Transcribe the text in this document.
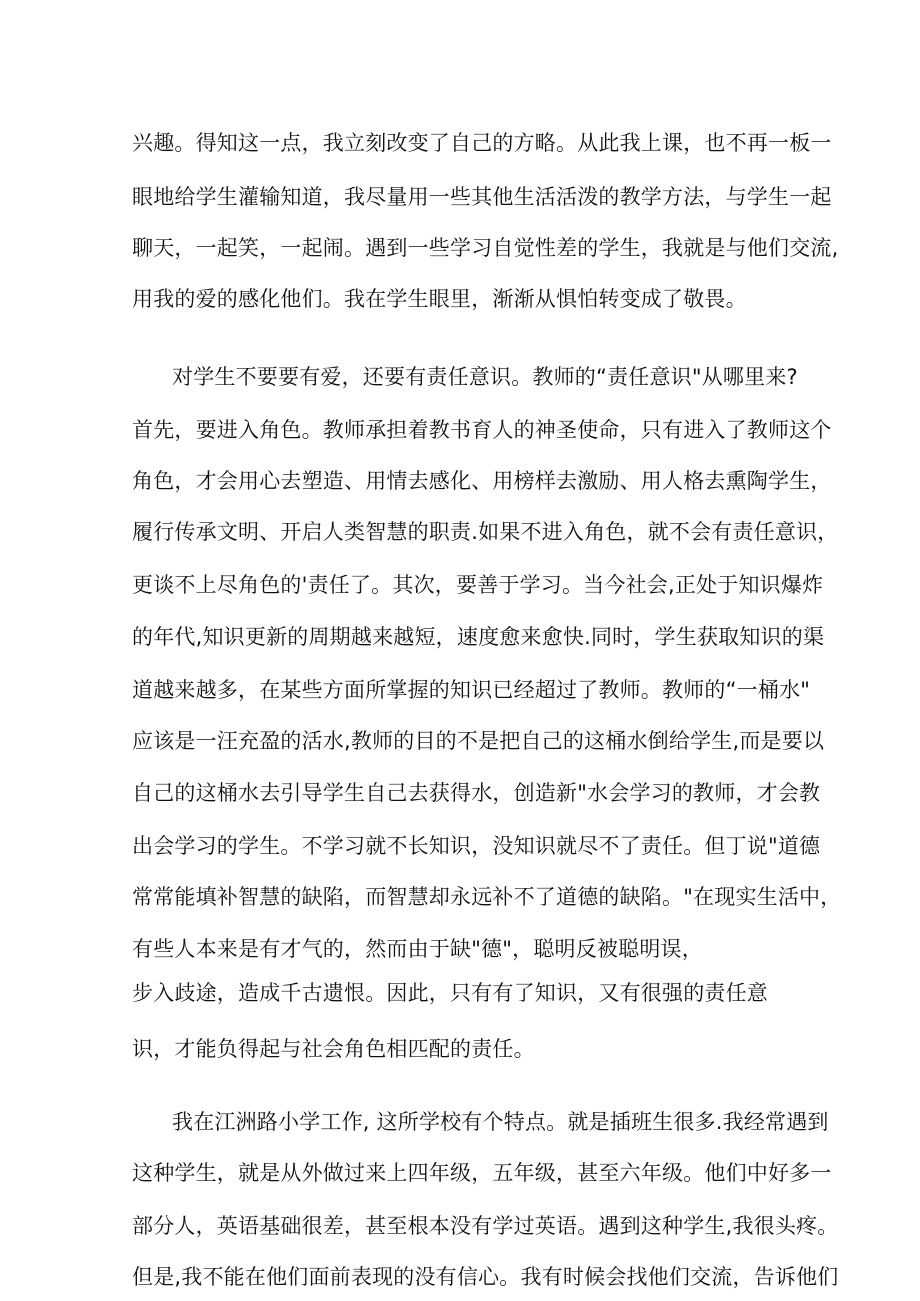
兴趣。得知这一点，我立刻改变了自己的方略。从此我上课，也不再一板一
眼地给学生灌输知道，我尽量用一些其他生活活泼的教学方法，与学生一起
聊天，一起笑，一起闹。遇到一些学习自觉性差的学生，我就是与他们交流,
用我的爱的感化他们。我在学生眼里，渐渐从惧怕转变成了敬畏。
对学生不要要有爱，还要有责任意识。教师的“责任意识"从哪里来?
首先，要进入角色。教师承担着教书育人的神圣使命，只有进入了教师这个
角色，才会用心去塑造、用情去感化、用榜样去激励、用人格去熏陶学生，
履行传承文明、开启人类智慧的职责.如果不进入角色，就不会有责任意识，
更谈不上尽角色的'责任了。其次，要善于学习。当今社会,正处于知识爆炸
的年代,知识更新的周期越来越短，速度愈来愈快.同时，学生获取知识的渠
道越来越多，在某些方面所掌握的知识已经超过了教师。教师的“一桶水"
应该是一汪充盈的活水,教师的目的不是把自己的这桶水倒给学生,而是要以
自己的这桶水去引导学生自己去获得水，创造新"水会学习的教师，才会教
出会学习的学生。不学习就不长知识，没知识就尽不了责任。但丁说"道德
常常能填补智慧的缺陷，而智慧却永远补不了道德的缺陷。"在现实生活中，
有些人本来是有才气的，然而由于缺"德"，聪明反被聪明误，
步入歧途，造成千古遗恨。因此，只有有了知识，又有很强的责任意
识，才能负得起与社会角色相匹配的责任。
我在江洲路小学工作, 这所学校有个特点。就是插班生很多.我经常遇到
这种学生，就是从外做过来上四年级，五年级，甚至六年级。他们中好多一
部分人，英语基础很差，甚至根本没有学过英语。遇到这种学生,我很头疼。
但是,我不能在他们面前表现的没有信心。我有时候会找他们交流，告诉他们
